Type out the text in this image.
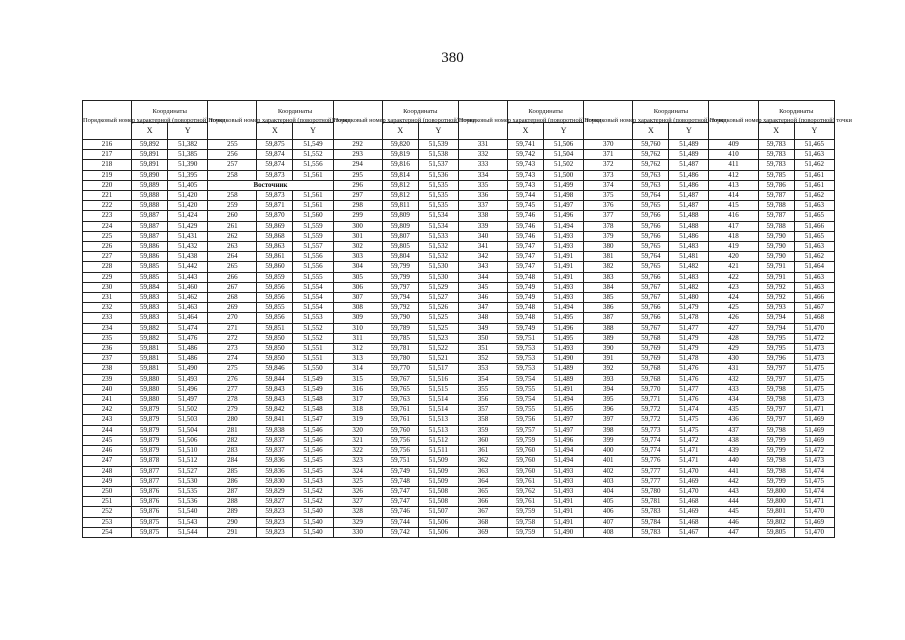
380
Порядковый номер характерной (поворотной) точки	Координаты		Порядковый номер характерной (поворотной) точки	Координаты		Порядковый номер характерной (поворотной) точки	Координаты		Порядковый номер характерной (поворотной) точки	Координаты		Порядковый номер характерной (поворотной) точки	Координаты		Порядковый номер характерной (поворотной) точки	Координаты	
	X	Y		X	Y		X	Y		X	Y		X	Y		X	Y
216	59,892	51,382	255	59,875	51,549	292	59,820	51,539	331	59,741	51,506	370	59,760	51,489	409	59,783	51,465
217	59,891	51,385	256	59,874	51,552	293	59,819	51,538	332	59,742	51,504	371	59,762	51,489	410	59,783	51,463
218	59,891	51,390	257	59,874	51,556	294	59,816	51,537	333	59,743	51,502	372	59,762	51,487	411	59,783	51,462
219	59,890	51,395	258	59,873	51,561	295	59,814	51,536	334	59,743	51,500	373	59,763	51,486	412	59,785	51,461
220	59,889	51,405	Восточник			296	59,812	51,535	335	59,743	51,499	374	59,763	51,486	413	59,786	51,461
221	59,888	51,420	258	59,873	51,561	297	59,812	51,535	336	59,744	51,498	375	59,764	51,487	414	59,787	51,462
222	59,888	51,420	259	59,871	51,561	298	59,811	51,535	337	59,745	51,497	376	59,765	51,487	415	59,788	51,463
223	59,887	51,424	260	59,870	51,560	299	59,809	51,534	338	59,746	51,496	377	59,766	51,488	416	59,787	51,465
224	59,887	51,429	261	59,869	51,559	300	59,809	51,534	339	59,746	51,494	378	59,766	51,488	417	59,788	51,466
225	59,887	51,431	262	59,868	51,559	301	59,807	51,533	340	59,746	51,493	379	59,766	51,486	418	59,790	51,465
226	59,886	51,432	263	59,863	51,557	302	59,805	51,532	341	59,747	51,493	380	59,765	51,483	419	59,790	51,463
227	59,886	51,438	264	59,861	51,556	303	59,804	51,532	342	59,747	51,491	381	59,764	51,481	420	59,790	51,462
228	59,885	51,442	265	59,860	51,556	304	59,799	51,530	343	59,747	51,491	382	59,765	51,482	421	59,791	51,464
229	59,885	51,443	266	59,859	51,555	305	59,799	51,530	344	59,748	51,491	383	59,766	51,483	422	59,791	51,463
230	59,884	51,460	267	59,856	51,554	306	59,797	51,529	345	59,749	51,493	384	59,767	51,482	423	59,792	51,463
231	59,883	51,462	268	59,856	51,554	307	59,794	51,527	346	59,749	51,493	385	59,767	51,480	424	59,792	51,466
232	59,883	51,463	269	59,855	51,554	308	59,792	51,526	347	59,748	51,494	386	59,766	51,479	425	59,793	51,467
233	59,883	51,464	270	59,856	51,553	309	59,790	51,525	348	59,748	51,495	387	59,766	51,478	426	59,794	51,468
234	59,882	51,474	271	59,851	51,552	310	59,789	51,525	349	59,749	51,496	388	59,767	51,477	427	59,794	51,470
235	59,882	51,476	272	59,850	51,552	311	59,785	51,523	350	59,751	51,495	389	59,768	51,479	428	59,795	51,472
236	59,881	51,486	273	59,850	51,551	312	59,781	51,522	351	59,753	51,493	390	59,769	51,479	429	59,795	51,473
237	59,881	51,486	274	59,850	51,551	313	59,780	51,521	352	59,753	51,490	391	59,769	51,478	430	59,796	51,473
238	59,881	51,490	275	59,846	51,550	314	59,770	51,517	353	59,753	51,489	392	59,768	51,476	431	59,797	51,475
239	59,880	51,493	276	59,844	51,549	315	59,767	51,516	354	59,754	51,489	393	59,768	51,476	432	59,797	51,475
240	59,880	51,496	277	59,843	51,549	316	59,765	51,515	355	59,755	51,491	394	59,770	51,477	433	59,798	51,475
241	59,880	51,497	278	59,843	51,548	317	59,763	51,514	356	59,754	51,494	395	59,771	51,476	434	59,798	51,473
242	59,879	51,502	279	59,842	51,548	318	59,761	51,514	357	59,755	51,495	396	59,772	51,474	435	59,797	51,471
243	59,879	51,503	280	59,841	51,547	319	59,761	51,513	358	59,756	51,497	397	59,772	51,475	436	59,797	51,469
244	59,879	51,504	281	59,838	51,546	320	59,760	51,513	359	59,757	51,497	398	59,773	51,475	437	59,798	51,469
245	59,879	51,506	282	59,837	51,546	321	59,756	51,512	360	59,759	51,496	399	59,774	51,472	438	59,799	51,469
246	59,879	51,510	283	59,837	51,546	322	59,756	51,511	361	59,760	51,494	400	59,774	51,471	439	59,799	51,472
247	59,878	51,512	284	59,836	51,545	323	59,751	51,509	362	59,760	51,494	401	59,776	51,471	440	59,798	51,473
248	59,877	51,527	285	59,836	51,545	324	59,749	51,509	363	59,760	51,493	402	59,777	51,470	441	59,798	51,474
249	59,877	51,530	286	59,830	51,543	325	59,748	51,509	364	59,761	51,493	403	59,777	51,469	442	59,799	51,475
250	59,876	51,535	287	59,829	51,542	326	59,747	51,508	365	59,762	51,493	404	59,780	51,470	443	59,800	51,474
251	59,876	51,536	288	59,827	51,542	327	59,747	51,508	366	59,761	51,491	405	59,781	51,468	444	59,800	51,471
252	59,876	51,540	289	59,823	51,540	328	59,746	51,507	367	59,759	51,491	406	59,783	51,469	445	59,801	51,470
253	59,875	51,543	290	59,823	51,540	329	59,744	51,506	368	59,758	51,491	407	59,784	51,468	446	59,802	51,469
254	59,875	51,544	291	59,823	51,540	330	59,742	51,506	369	59,759	51,490	408	59,783	51,467	447	59,805	51,470
